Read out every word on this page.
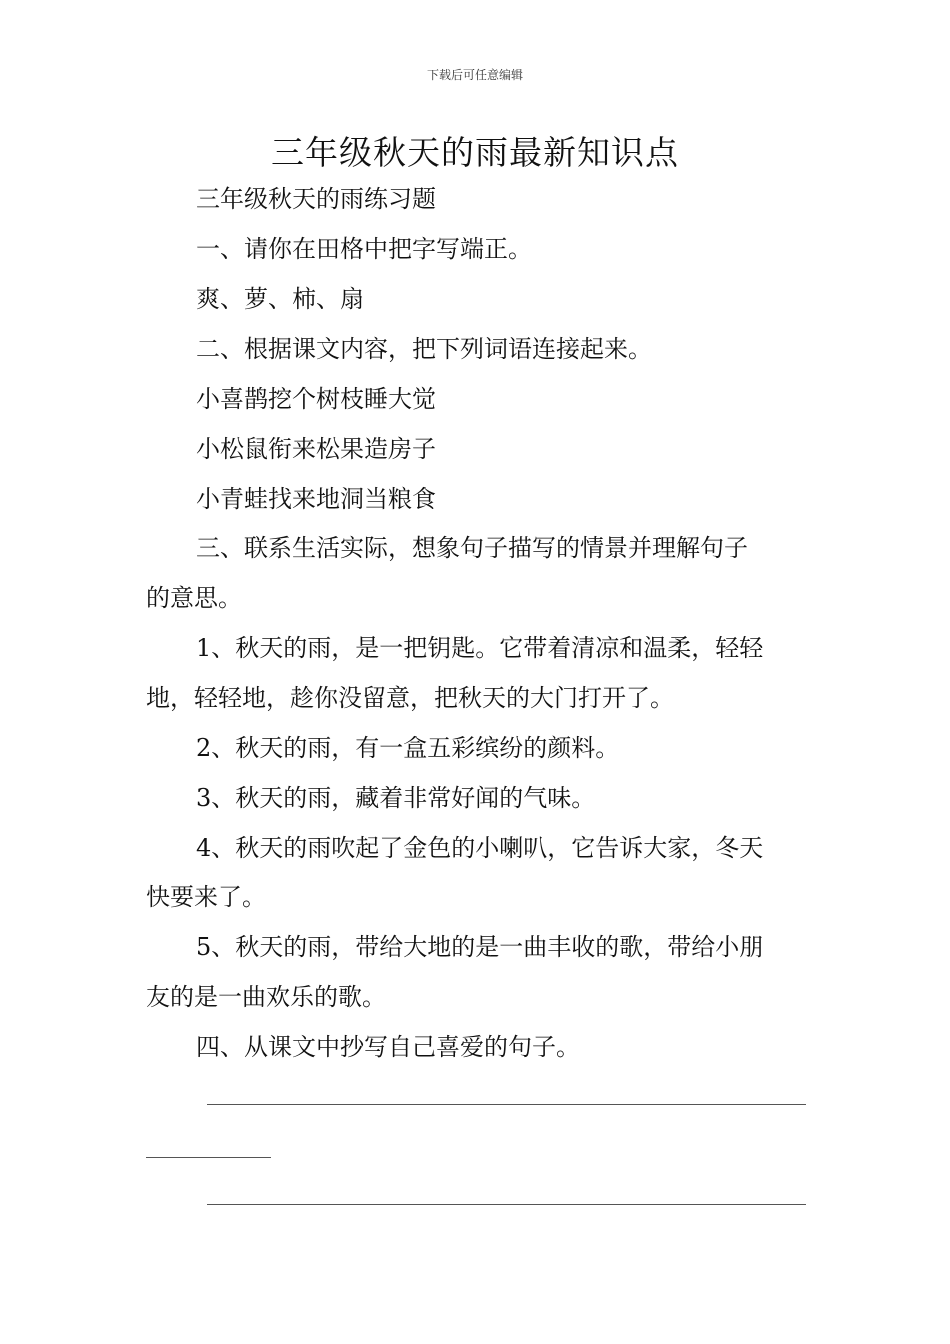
下载后可任意编辑
三年级秋天的雨最新知识点
三年级秋天的雨练习题
一、请你在田格中把字写端正。
爽、萝、柿、扇
二、根据课文内容，把下列词语连接起来。
小喜鹊挖个树枝睡大觉
小松鼠衔来松果造房子
小青蛙找来地洞当粮食
三、联系生活实际，想象句子描写的情景并理解句子
的意思。
1、秋天的雨，是一把钥匙。它带着清凉和温柔，轻轻
地，轻轻地，趁你没留意，把秋天的大门打开了。
2、秋天的雨，有一盒五彩缤纷的颜料。
3、秋天的雨，藏着非常好闻的气味。
4、秋天的雨吹起了金色的小喇叭，它告诉大家，冬天
快要来了。
5、秋天的雨，带给大地的是一曲丰收的歌，带给小朋
友的是一曲欢乐的歌。
四、从课文中抄写自己喜爱的句子。
